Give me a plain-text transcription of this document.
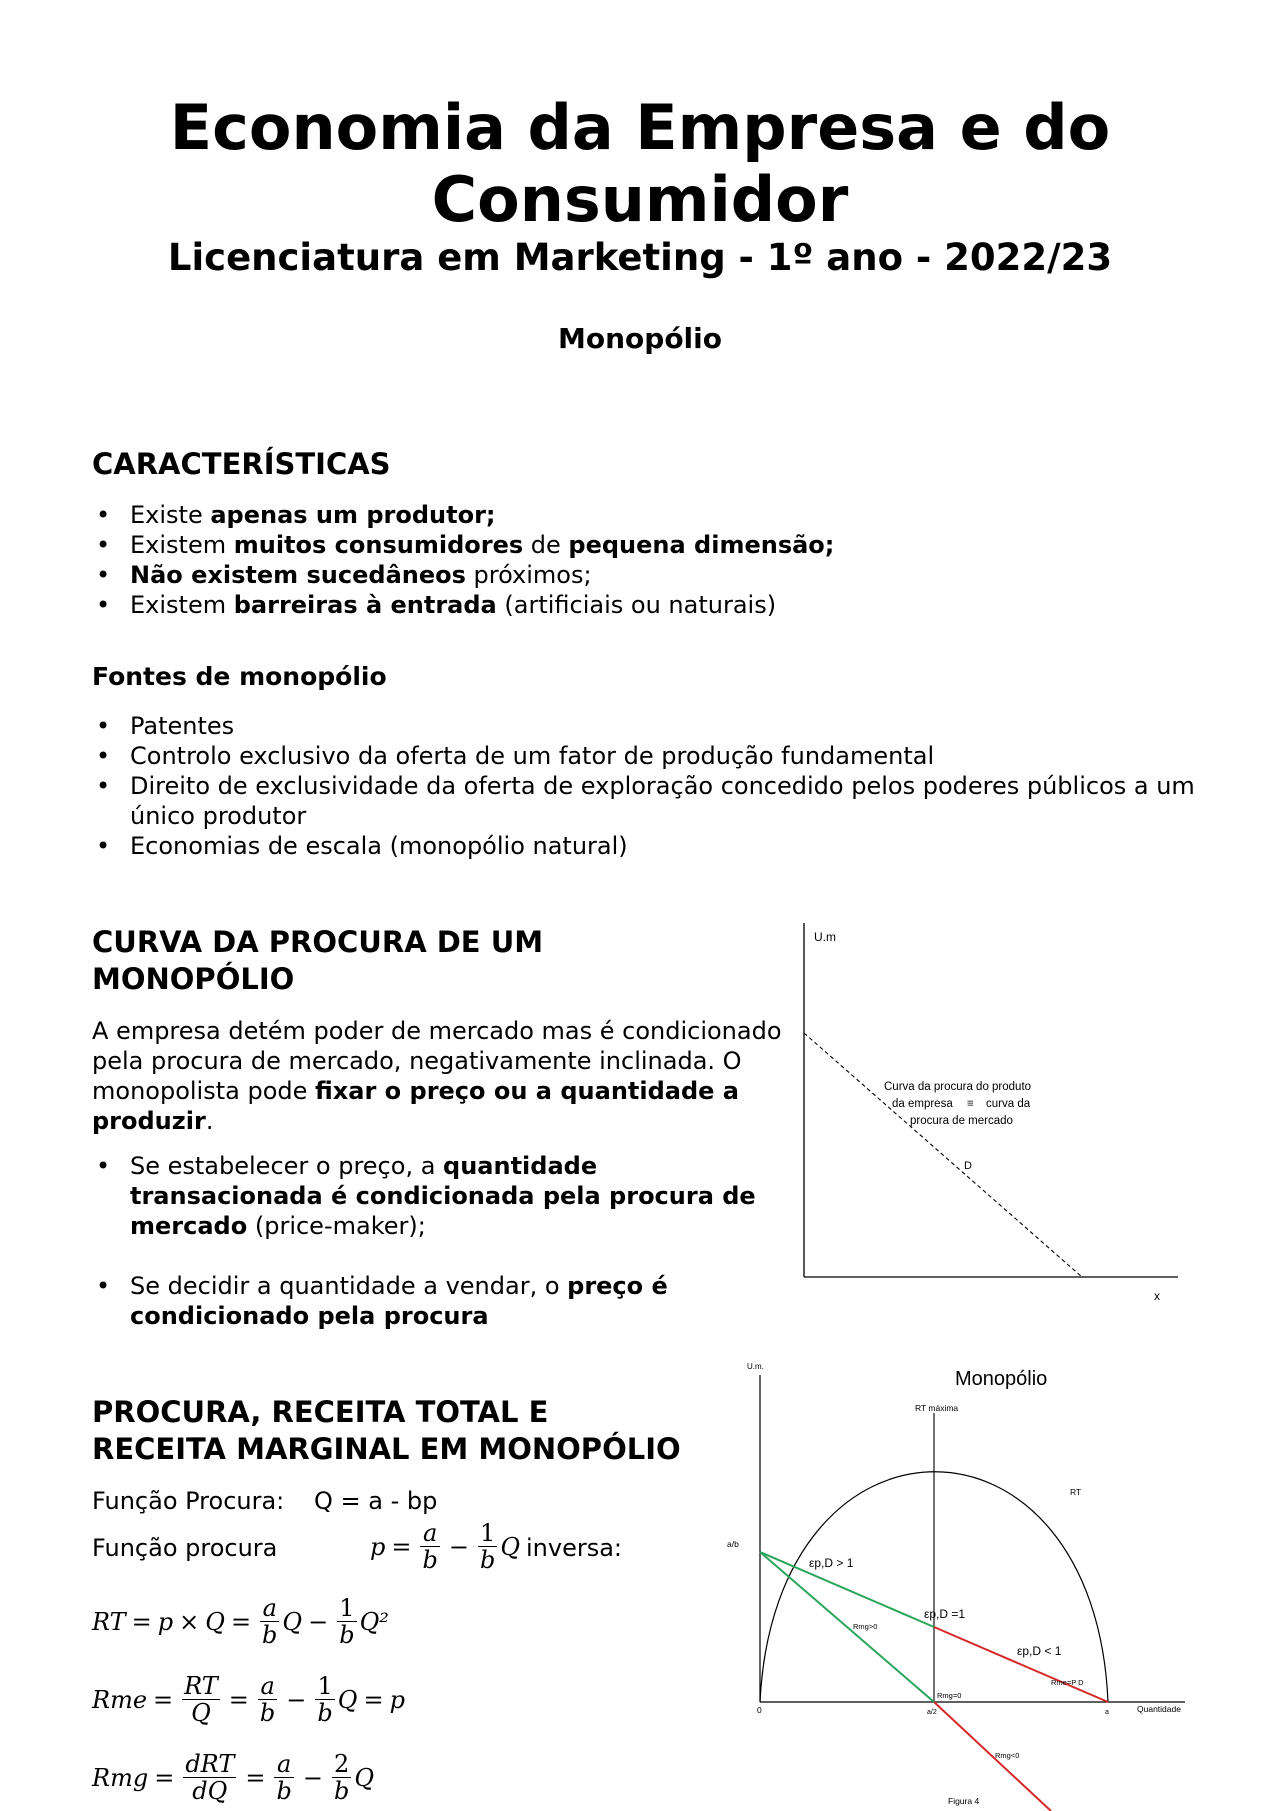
Economia da Empresa e do
Consumidor
Licenciatura em Marketing - 1º ano - 2022/23
Monopólio
CARACTERÍSTICAS
• Existe apenas um produtor;
• Existem muitos consumidores de pequena dimensão;
• Não existem sucedâneos próximos;
• Existem barreiras à entrada (artificiais ou naturais)
Fontes de monopólio
• Patentes
• Controlo exclusivo da oferta de um fator de produção fundamental
• Direito de exclusividade da oferta de exploração concedido pelos poderes públicos a um único produtor
• Economias de escala (monopólio natural)
CURVA DA PROCURA DE UM
MONOPÓLIO
A empresa detém poder de mercado mas é condicionado pela procura de mercado, negativamente inclinada. O monopolista pode fixar o preço ou a quantidade a produzir.
• Se estabelecer o preço, a quantidade transacionada é condicionada pela procura de mercado (price-maker);
• Se decidir a quantidade a vendar, o preço é condicionado pela procura
U.m
x
D
Curva da procura do produto
da empresa ≡ curva da
procura de mercado
PROCURA, RECEITA TOTAL E
RECEITA MARGINAL EM MONOPÓLIO
Função Procura: Q = a - bp
Função procura	$p = \frac{a}{b} - \frac{1}{b}$ Q inversa:
RT = $p \times Q = \frac{a}{b}$ $Q - \frac{1}{b} Q^2$
Rme = $\frac{RT}{Q} = \frac{a}{b} - \frac{1}{b}$ Q = p
Rmg = $\frac{\text{dRT}}{dQ} = \frac{a}{b} - \frac{2}{b}$ Q
Monopólio
U.m.
Quantidade
a/b
0
RT máxima
RT
εp,D > 1
εp,D =1
εp,D < 1
Rmg>0
Rmg=0
Rmg<0
Rme=P D
a/2	a
Figura 4
